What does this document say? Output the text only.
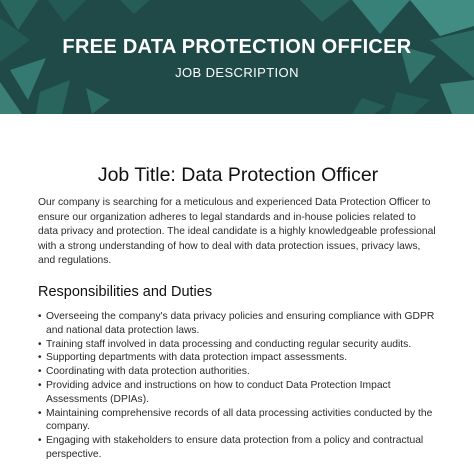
FREE DATA PROTECTION OFFICER

JOB DESCRIPTION

Job Title: Data Protection Officer

Our company is searching for a meticulous and experienced Data Protection Officer to ensure our organization adheres to legal standards and in-house policies related to data privacy and protection. The ideal candidate is a highly knowledgeable professional with a strong understanding of how to deal with data protection issues, privacy laws, and regulations.

Responsibilities and Duties
• Overseeing the company's data privacy policies and ensuring compliance with GDPR and national data protection laws.
• Training staff involved in data processing and conducting regular security audits.
• Supporting departments with data protection impact assessments.
• Coordinating with data protection authorities.
• Providing advice and instructions on how to conduct Data Protection Impact Assessments (DPIAs).
• Maintaining comprehensive records of all data processing activities conducted by the company.
• Engaging with stakeholders to ensure data protection from a policy and contractual perspective.
